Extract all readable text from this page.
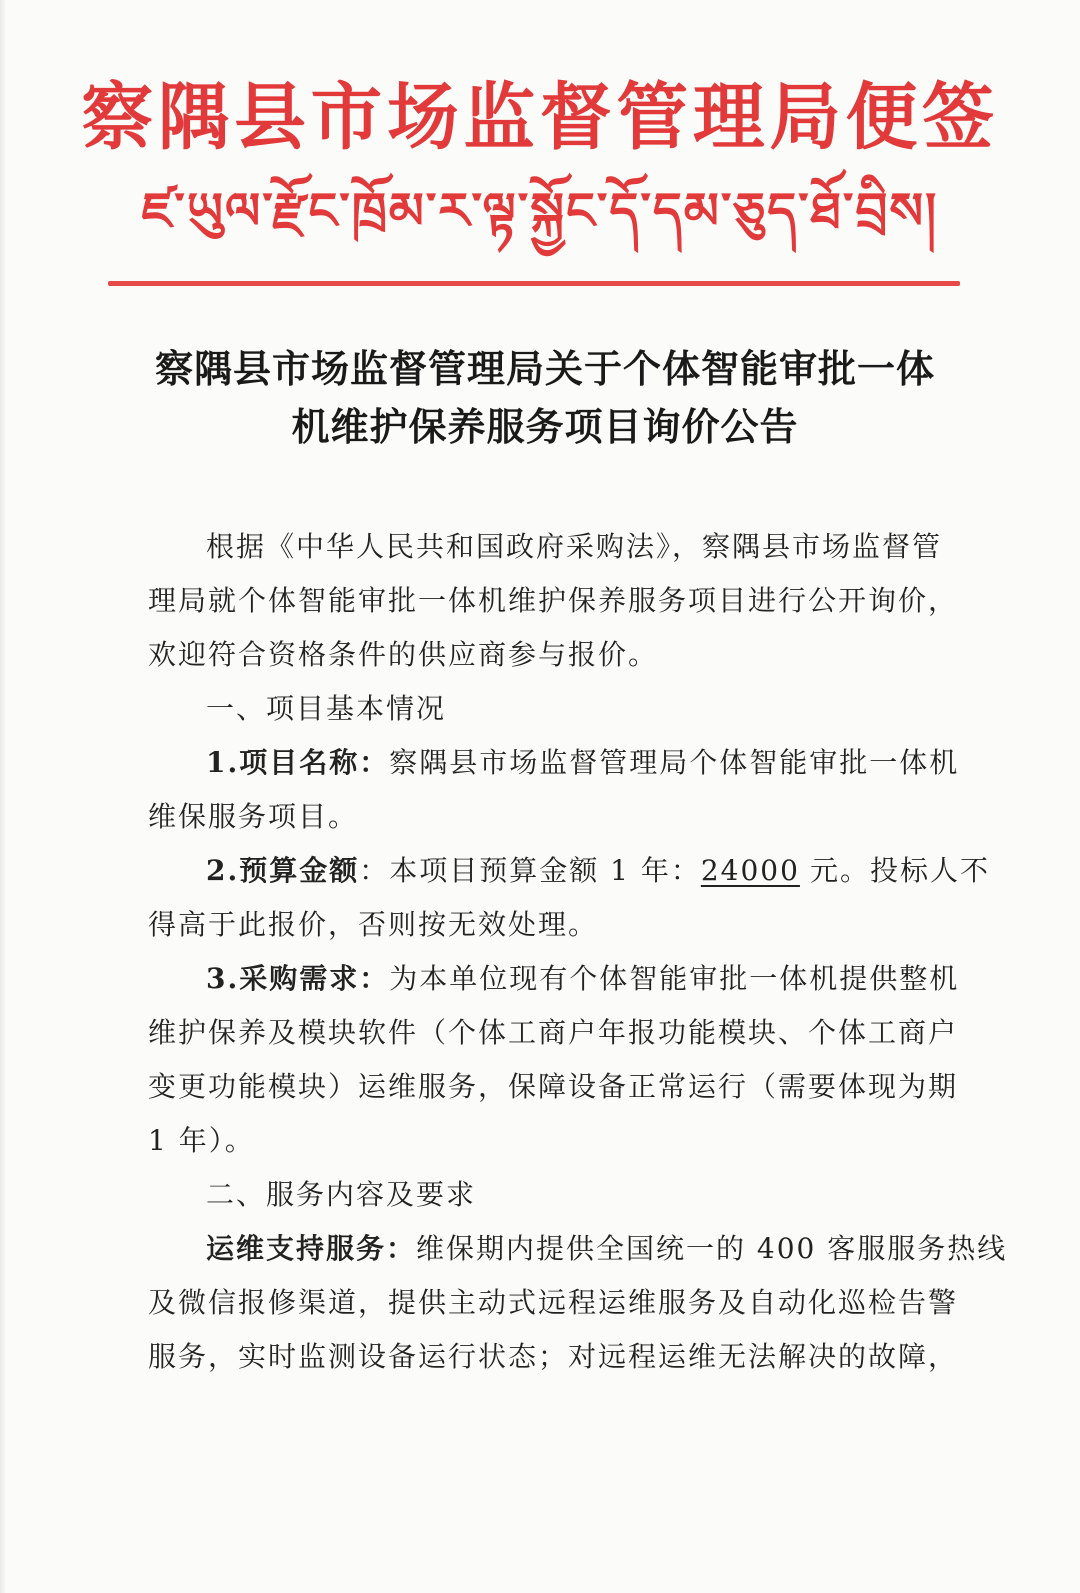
察隅县市场监督管理局便签
ཛ་ཡུལ་རྫོང་ཁྲོམ་ར་ལྟ་སྐྱོང་དོ་དམ་ཅུད་ཐོ་བྲིས།
察隅县市场监督管理局关于个体智能审批一体
机维护保养服务项目询价公告

根据《中华人民共和国政府采购法》，察隅县市场监督管

理局就个体智能审批一体机维护保养服务项目进行公开询价，

欢迎符合资格条件的供应商参与报价。

一、项目基本情况

1.项目名称：察隅县市场监督管理局个体智能审批一体机

维保服务项目。

2.预算金额：本项目预算金额 1 年：24000 元。投标人不

得高于此报价，否则按无效处理。

3.采购需求：为本单位现有个体智能审批一体机提供整机

维护保养及模块软件（个体工商户年报功能模块、个体工商户

变更功能模块）运维服务，保障设备正常运行（需要体现为期

1 年）。

二、服务内容及要求

运维支持服务：维保期内提供全国统一的 400 客服服务热线

及微信报修渠道，提供主动式远程运维服务及自动化巡检告警

服务，实时监测设备运行状态；对远程运维无法解决的故障，
